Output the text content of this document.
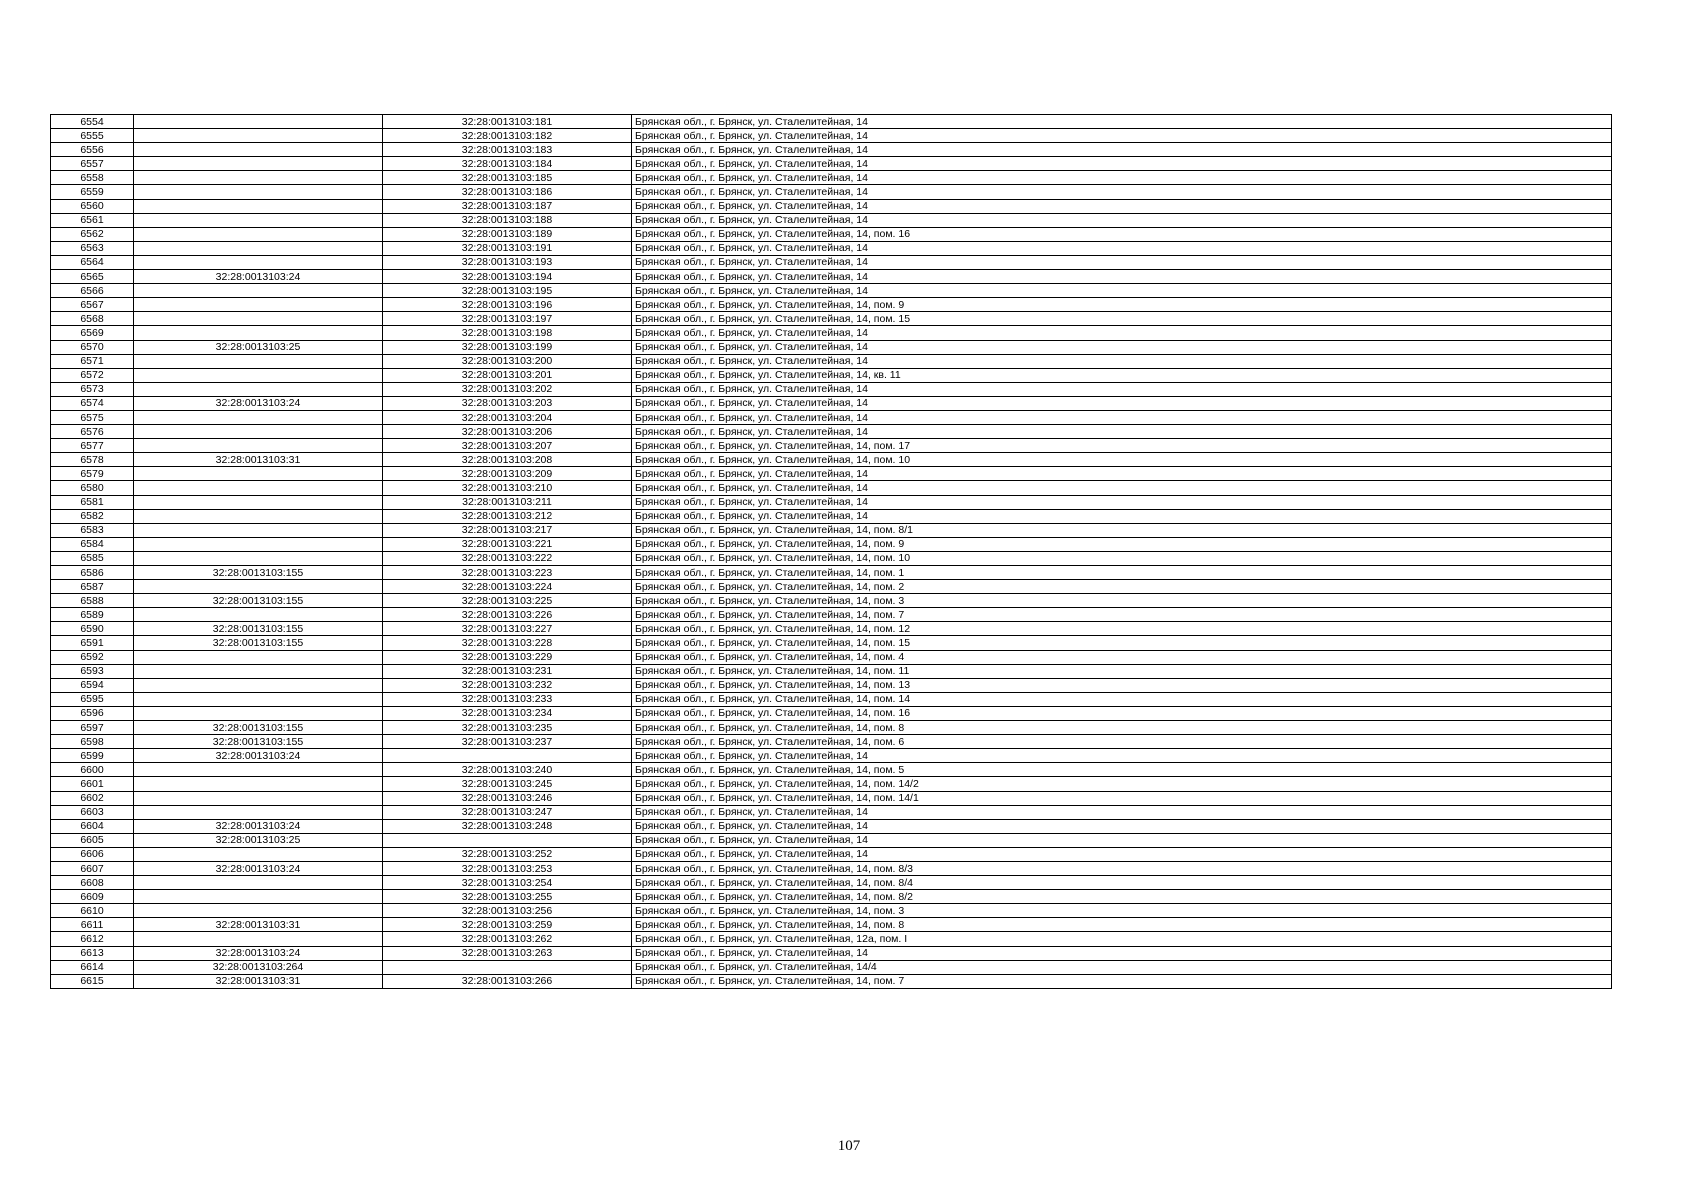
6554		32:28:0013103:181	Брянская обл., г. Брянск, ул. Сталелитейная, 14
6555		32:28:0013103:182	Брянская обл., г. Брянск, ул. Сталелитейная, 14
6556		32:28:0013103:183	Брянская обл., г. Брянск, ул. Сталелитейная, 14
6557		32:28:0013103:184	Брянская обл., г. Брянск, ул. Сталелитейная, 14
6558		32:28:0013103:185	Брянская обл., г. Брянск, ул. Сталелитейная, 14
6559		32:28:0013103:186	Брянская обл., г. Брянск, ул. Сталелитейная, 14
6560		32:28:0013103:187	Брянская обл., г. Брянск, ул. Сталелитейная, 14
6561		32:28:0013103:188	Брянская обл., г. Брянск, ул. Сталелитейная, 14
6562		32:28:0013103:189	Брянская обл., г. Брянск, ул. Сталелитейная, 14, пом. 16
6563		32:28:0013103:191	Брянская обл., г. Брянск, ул. Сталелитейная, 14
6564		32:28:0013103:193	Брянская обл., г. Брянск, ул. Сталелитейная, 14
6565	32:28:0013103:24	32:28:0013103:194	Брянская обл., г. Брянск, ул. Сталелитейная, 14
6566		32:28:0013103:195	Брянская обл., г. Брянск, ул. Сталелитейная, 14
6567		32:28:0013103:196	Брянская обл., г. Брянск, ул. Сталелитейная, 14, пом. 9
6568		32:28:0013103:197	Брянская обл., г. Брянск, ул. Сталелитейная, 14, пом. 15
6569		32:28:0013103:198	Брянская обл., г. Брянск, ул. Сталелитейная, 14
6570	32:28:0013103:25	32:28:0013103:199	Брянская обл., г. Брянск, ул. Сталелитейная, 14
6571		32:28:0013103:200	Брянская обл., г. Брянск, ул. Сталелитейная, 14
6572		32:28:0013103:201	Брянская обл., г. Брянск, ул. Сталелитейная, 14, кв. 11
6573		32:28:0013103:202	Брянская обл., г. Брянск, ул. Сталелитейная, 14
6574	32:28:0013103:24	32:28:0013103:203	Брянская обл., г. Брянск, ул. Сталелитейная, 14
6575		32:28:0013103:204	Брянская обл., г. Брянск, ул. Сталелитейная, 14
6576		32:28:0013103:206	Брянская обл., г. Брянск, ул. Сталелитейная, 14
6577		32:28:0013103:207	Брянская обл., г. Брянск, ул. Сталелитейная, 14, пом. 17
6578	32:28:0013103:31	32:28:0013103:208	Брянская обл., г. Брянск, ул. Сталелитейная, 14, пом. 10
6579		32:28:0013103:209	Брянская обл., г. Брянск, ул. Сталелитейная, 14
6580		32:28:0013103:210	Брянская обл., г. Брянск, ул. Сталелитейная, 14
6581		32:28:0013103:211	Брянская обл., г. Брянск, ул. Сталелитейная, 14
6582		32:28:0013103:212	Брянская обл., г. Брянск, ул. Сталелитейная, 14
6583		32:28:0013103:217	Брянская обл., г. Брянск, ул. Сталелитейная, 14, пом. 8/1
6584		32:28:0013103:221	Брянская обл., г. Брянск, ул. Сталелитейная, 14, пом. 9
6585		32:28:0013103:222	Брянская обл., г. Брянск, ул. Сталелитейная, 14, пом. 10
6586	32:28:0013103:155	32:28:0013103:223	Брянская обл., г. Брянск, ул. Сталелитейная, 14, пом. 1
6587		32:28:0013103:224	Брянская обл., г. Брянск, ул. Сталелитейная, 14, пом. 2
6588	32:28:0013103:155	32:28:0013103:225	Брянская обл., г. Брянск, ул. Сталелитейная, 14, пом. 3
6589		32:28:0013103:226	Брянская обл., г. Брянск, ул. Сталелитейная, 14, пом. 7
6590	32:28:0013103:155	32:28:0013103:227	Брянская обл., г. Брянск, ул. Сталелитейная, 14, пом. 12
6591	32:28:0013103:155	32:28:0013103:228	Брянская обл., г. Брянск, ул. Сталелитейная, 14, пом. 15
6592		32:28:0013103:229	Брянская обл., г. Брянск, ул. Сталелитейная, 14, пом. 4
6593		32:28:0013103:231	Брянская обл., г. Брянск, ул. Сталелитейная, 14, пом. 11
6594		32:28:0013103:232	Брянская обл., г. Брянск, ул. Сталелитейная, 14, пом. 13
6595		32:28:0013103:233	Брянская обл., г. Брянск, ул. Сталелитейная, 14, пом. 14
6596		32:28:0013103:234	Брянская обл., г. Брянск, ул. Сталелитейная, 14, пом. 16
6597	32:28:0013103:155	32:28:0013103:235	Брянская обл., г. Брянск, ул. Сталелитейная, 14, пом. 8
6598	32:28:0013103:155	32:28:0013103:237	Брянская обл., г. Брянск, ул. Сталелитейная, 14, пом. 6
6599	32:28:0013103:24		Брянская обл., г. Брянск, ул. Сталелитейная, 14
6600		32:28:0013103:240	Брянская обл., г. Брянск, ул. Сталелитейная, 14, пом. 5
6601		32:28:0013103:245	Брянская обл., г. Брянск, ул. Сталелитейная, 14, пом. 14/2
6602		32:28:0013103:246	Брянская обл., г. Брянск, ул. Сталелитейная, 14, пом. 14/1
6603		32:28:0013103:247	Брянская обл., г. Брянск, ул. Сталелитейная, 14
6604	32:28:0013103:24	32:28:0013103:248	Брянская обл., г. Брянск, ул. Сталелитейная, 14
6605	32:28:0013103:25		Брянская обл., г. Брянск, ул. Сталелитейная, 14
6606		32:28:0013103:252	Брянская обл., г. Брянск, ул. Сталелитейная, 14
6607	32:28:0013103:24	32:28:0013103:253	Брянская обл., г. Брянск, ул. Сталелитейная, 14, пом. 8/3
6608		32:28:0013103:254	Брянская обл., г. Брянск, ул. Сталелитейная, 14, пом. 8/4
6609		32:28:0013103:255	Брянская обл., г. Брянск, ул. Сталелитейная, 14, пом. 8/2
6610		32:28:0013103:256	Брянская обл., г. Брянск, ул. Сталелитейная, 14, пом. 3
6611	32:28:0013103:31	32:28:0013103:259	Брянская обл., г. Брянск, ул. Сталелитейная, 14, пом. 8
6612		32:28:0013103:262	Брянская обл., г. Брянск, ул. Сталелитейная, 12а, пом. I
6613	32:28:0013103:24	32:28:0013103:263	Брянская обл., г. Брянск, ул. Сталелитейная, 14
6614	32:28:0013103:264		Брянская обл., г. Брянск, ул. Сталелитейная, 14/4
6615	32:28:0013103:31	32:28:0013103:266	Брянская обл., г. Брянск, ул. Сталелитейная, 14, пом. 7
107
